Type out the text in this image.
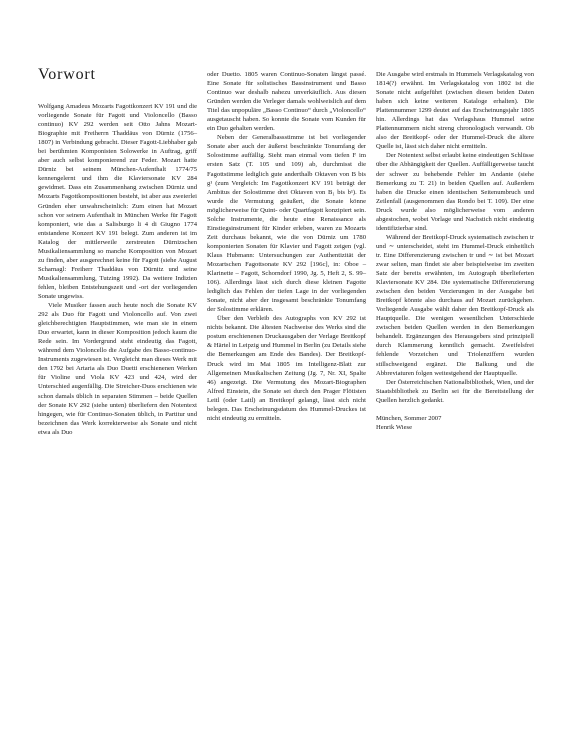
Vorwort

Wolfgang Amadeus Mozarts Fagottkonzert KV 191 und die vorliegende Sonate für Fagott und Violoncello (Basso continuo) KV 292 werden seit Otto Jahns Mozart-Biographie mit Freiherrn Thaddäus von Dürniz (1756–1807) in Verbindung gebracht. Dieser Fagott-Liebhaber gab bei berühmten Komponisten Solowerke in Auftrag, griff aber auch selbst komponierend zur Feder. Mozart hatte Dürniz bei seinem München-Aufenthalt 1774/75 kennengelernt und ihm die Klaviersonate KV 284 gewidmet. Dass ein Zusammenhang zwischen Dürniz und Mozarts Fagottkompositionen besteht, ist aber aus zweierlei Gründen eher unwahrscheinlich: Zum einen hat Mozart schon vor seinem Aufenthalt in München Werke für Fagott komponiert, wie das a Salisburgo li 4 di Giugno 1774 entstandene Konzert KV 191 belegt. Zum anderen ist im Katalog der mittlerweile zerstreuten Dürnizschen Musikaliensammlung so manche Komposition von Mozart zu finden, aber ausgerechnet keine für Fagott (siehe August Scharnagl: Freiherr Thaddäus von Dürnitz und seine Musikaliensammlung, Tutzing 1992). Da weitere Indizien fehlen, bleiben Entstehungszeit und -ort der vorliegenden Sonate ungewiss.

Viele Musiker fassen auch heute noch die Sonate KV 292 als Duo für Fagott und Violoncello auf. Von zwei gleichberechtigten Hauptstimmen, wie man sie in einem Duo erwartet, kann in dieser Komposition jedoch kaum die Rede sein. Im Vordergrund steht eindeutig das Fagott, während dem Violoncello die Aufgabe des Basso-continuo-Instruments zugewiesen ist. Vergleicht man dieses Werk mit den 1792 bei Artaria als Duo Duetti erschienenen Werken für Violine und Viola KV 423 und 424, wird der Unterschied augenfällig. Die Streicher-Duos erschienen wie schon damals üblich in separaten Stimmen – beide Quellen der Sonate KV 292 (siehe unten) überliefern den Notentext hingegen, wie für Continuo-Sonaten üblich, in Partitur und bezeichnen das Werk korrekterweise als Sonate und nicht etwa als Duo

oder Duetto. 1805 waren Continuo-Sonaten längst passé. Eine Sonate für solistisches Bassinstrument und Basso Continuo war deshalb nahezu unverkäuflich. Aus diesen Gründen werden die Verleger damals wohlweislich auf dem Titel das unpopuläre „Basso Continuo“ durch „Violoncello“ ausgetauscht haben. So konnte die Sonate vom Kunden für ein Duo gehalten werden.

Neben der Generalbassstimme ist bei vorliegender Sonate aber auch der äußerst beschränkte Tonumfang der Solostimme auffällig. Sieht man einmal vom tiefen F im ersten Satz (T. 105 und 109) ab, durchmisst die Fagottstimme lediglich gute anderthalb Oktaven von B bis g¹ (zum Vergleich: Im Fagottkonzert KV 191 beträgt der Ambitus der Solostimme drei Oktaven von B₁ bis b¹). Es wurde die Vermutung geäußert, die Sonate könne möglicherweise für Quint- oder Quartfagott konzipiert sein. Solche Instrumente, die heute eine Renaissance als Einstiegsinstrument für Kinder erleben, waren zu Mozarts Zeit durchaus bekannt, wie die von Dürniz um 1780 komponierten Sonaten für Klavier und Fagott zeigen (vgl. Klaus Hubmann: Untersuchungen zur Authentizität der Mozartschen Fagottsonate KV 292 [196c], in: Oboe – Klarinette – Fagott, Schorndorf 1990, Jg. 5, Heft 2, S. 99–106). Allerdings lässt sich durch diese kleinen Fagotte lediglich das Fehlen der tiefen Lage in der vorliegenden Sonate, nicht aber der insgesamt beschränkte Tonumfang der Solostimme erklären.

Über den Verbleib des Autographs von KV 292 ist nichts bekannt. Die ältesten Nachweise des Werks sind die postum erschienenen Druckausgaben der Verlage Breitkopf & Härtel in Leipzig und Hummel in Berlin (zu Details siehe die Bemerkungen am Ende des Bandes). Der Breitkopf-Druck wird im Mai 1805 im Intelligenz-Blatt zur Allgemeinen Musikalischen Zeitung (Jg. 7, Nr. XI, Spalte 46) angezeigt. Die Vermutung des Mozart-Biographen Alfred Einstein, die Sonate sei durch den Prager Flötisten Leitl (oder Laitl) an Breitkopf gelangt, lässt sich nicht belegen. Das Erscheinungsdatum des Hummel-Druckes ist nicht eindeutig zu ermitteln.

Die Ausgabe wird erstmals in Hummels Verlagskatalog von 1814(?) erwähnt. Im Verlagskatalog von 1802 ist die Sonate nicht aufgeführt (zwischen diesen beiden Daten haben sich keine weiteren Kataloge erhalten). Die Plattennummer 1299 deutet auf das Erscheinungsjahr 1805 hin. Allerdings hat das Verlagshaus Hummel seine Plattennummern nicht streng chronologisch verwandt. Ob also der Breitkopf- oder der Hummel-Druck die ältere Quelle ist, lässt sich daher nicht ermitteln.

Der Notentext selbst erlaubt keine eindeutigen Schlüsse über die Abhängigkeit der Quellen. Auffälligerweise taucht der schwer zu behebende Fehler im Andante (siehe Bemerkung zu T. 21) in beiden Quellen auf. Außerdem haben die Drucke einen identischen Seitenumbruch und Zeilenfall (ausgenommen das Rondo bei T. 109). Der eine Druck wurde also möglicherweise vom anderen abgestochen, wobei Vorlage und Nachstich nicht eindeutig identifizierbar sind.

Während der Breitkopf-Druck systematisch zwischen tr und ∼ unterscheidet, steht im Hummel-Druck einheitlich tr. Eine Differenzierung zwischen tr und ∼ ist bei Mozart zwar selten, man findet sie aber beispielweise im zweiten Satz der bereits erwähnten, im Autograph überlieferten Klaviersonate KV 284. Die systematische Differenzierung zwischen den beiden Verzierungen in der Ausgabe bei Breitkopf könnte also durchaus auf Mozart zurückgehen. Vorliegende Ausgabe wählt daher den Breitkopf-Druck als Hauptquelle. Die wenigen wesentlichen Unterschiede zwischen beiden Quellen werden in den Bemerkungen behandelt. Ergänzungen des Herausgebers sind prinzipiell durch Klammerung kenntlich gemacht. Zweifelsfrei fehlende Vorzeichen und Triolenziffern wurden stillschweigend ergänzt. Die Balkung und die Abbreviaturen folgen weitestgehend der Hauptquelle.

Der Österreichischen Nationalbibliothek, Wien, und der Staatsbibliothek zu Berlin sei für die Bereitstellung der Quellen herzlich gedankt.

München, Sommer 2007

Henrik Wiese
